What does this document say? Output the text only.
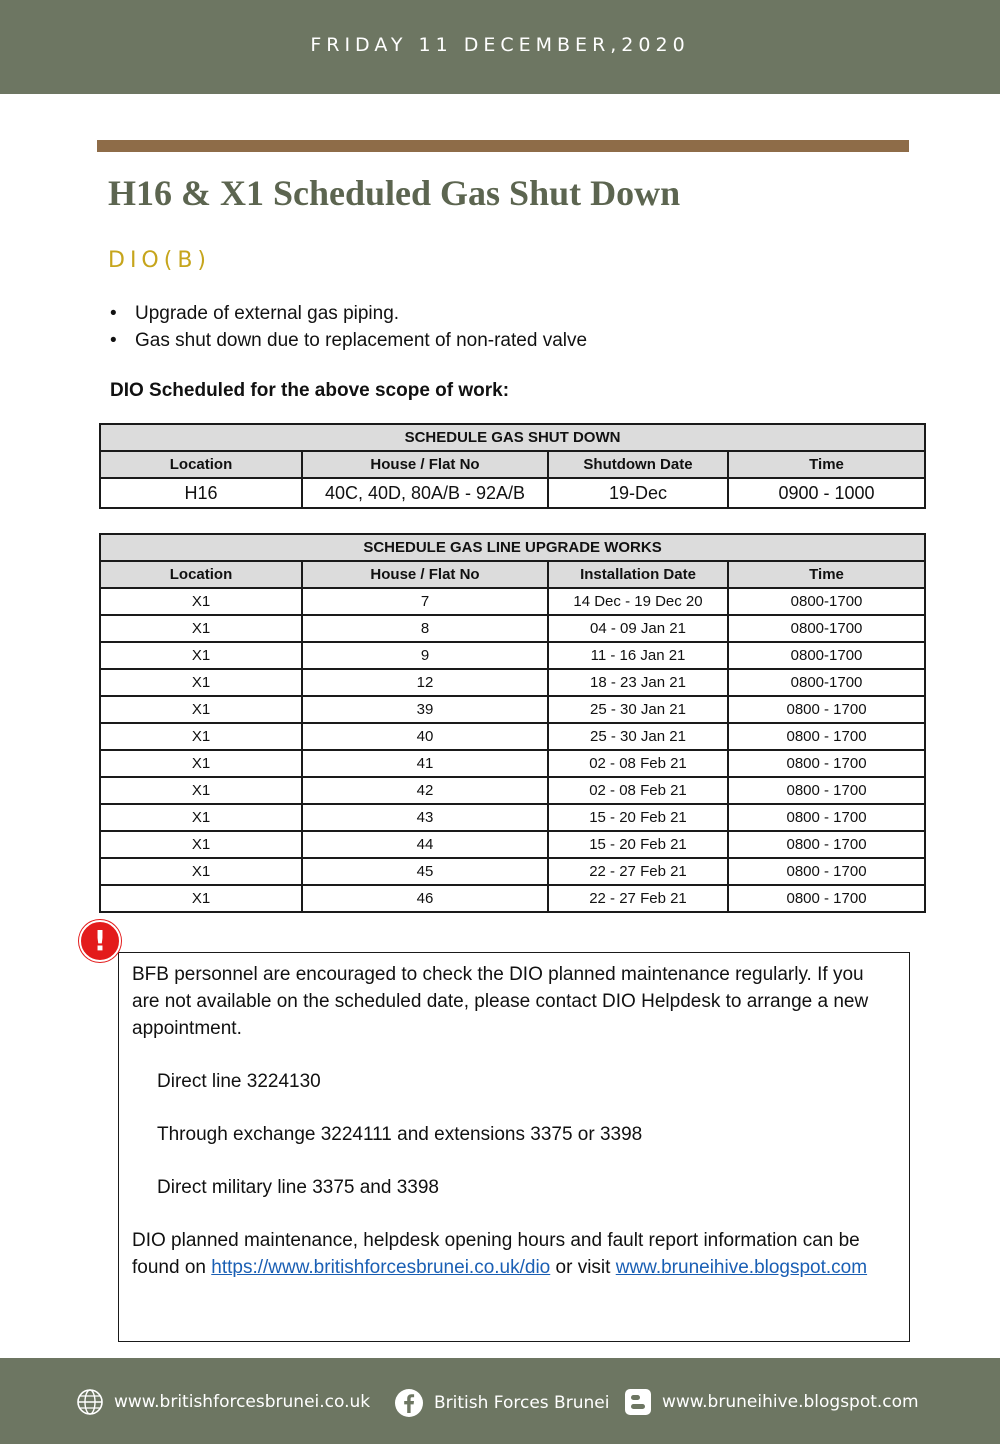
FRIDAY 11 DECEMBER,2020
H16 & X1 Scheduled Gas Shut Down
DIO(B)
• Upgrade of external gas piping.
• Gas shut down due to replacement of non-rated valve
DIO Scheduled for the above scope of work:
SCHEDULE GAS SHUT DOWN			
Location	House / Flat No	Shutdown Date	Time
H16	40C, 40D, 80A/B - 92A/B	19-Dec	0900 - 1000
SCHEDULE GAS LINE UPGRADE WORKS			
Location	House / Flat No	Installation Date	Time
X1	7	14 Dec - 19 Dec 20	0800-1700
X1	8	04 - 09 Jan 21	0800-1700
X1	9	11 - 16 Jan 21	0800-1700
X1	12	18 - 23 Jan 21	0800-1700
X1	39	25 - 30 Jan 21	0800 - 1700
X1	40	25 - 30 Jan 21	0800 - 1700
X1	41	02 - 08 Feb 21	0800 - 1700
X1	42	02 - 08 Feb 21	0800 - 1700
X1	43	15 - 20 Feb 21	0800 - 1700
X1	44	15 - 20 Feb 21	0800 - 1700
X1	45	22 - 27 Feb 21	0800 - 1700
X1	46	22 - 27 Feb 21	0800 - 1700

BFB personnel are encouraged to check the DIO planned maintenance regularly. If you are not available on the scheduled date, please contact DIO Helpdesk to arrange a new appointment.

Direct line 3224130

Through exchange 3224111 and extensions 3375 or 3398

Direct military line 3375 and 3398

DIO planned maintenance, helpdesk opening hours and fault report information can be found on https://www.britishforcesbrunei.co.uk/dio or visit www.bruneihive.blogspot.com

!
www.britishforcesbrunei.co.uk	British Forces Brunei	www.bruneihive.blogspot.com
